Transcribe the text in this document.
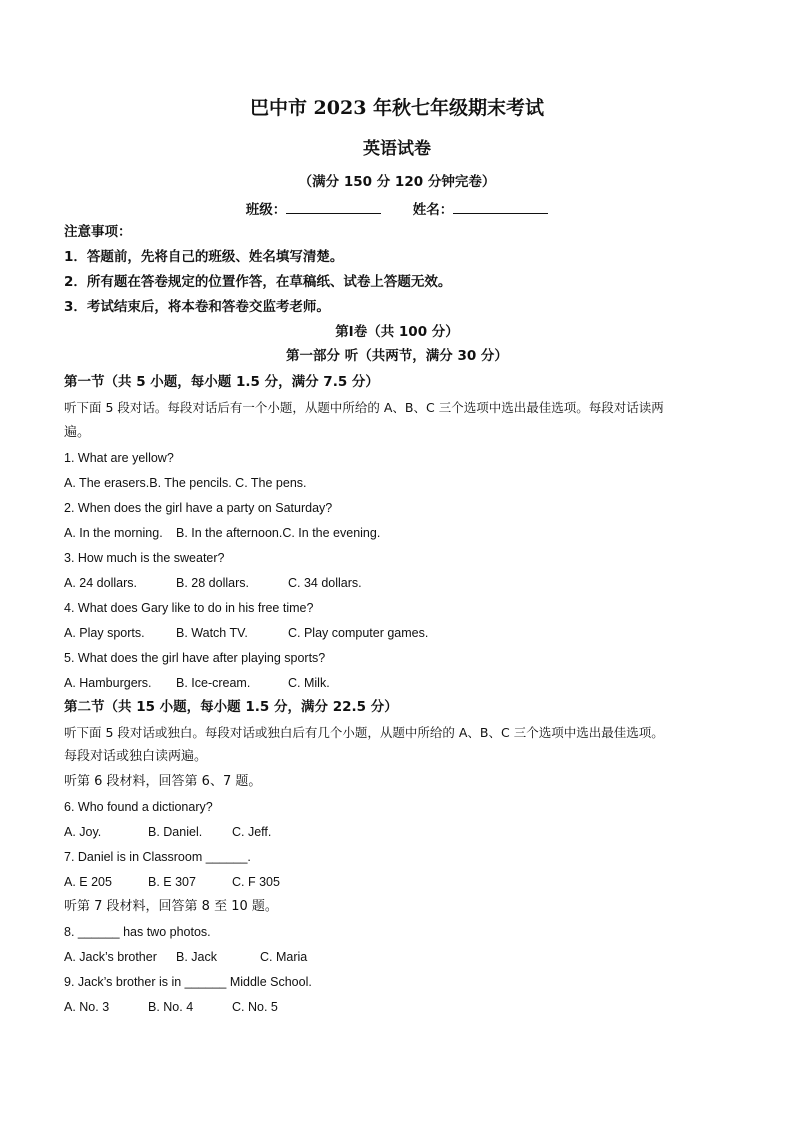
巴中市 2023 年秋七年级期末考试
英语试卷
（满分 150 分 120 分钟完卷）
班级：	姓名：
注意事项：
1．答题前，先将自己的班级、姓名填写清楚。
2．所有题在答卷规定的位置作答，在草稿纸、试卷上答题无效。
3．考试结束后，将本卷和答卷交监考老师。
第Ⅰ卷（共 100 分）
第一部分 听（共两节，满分 30 分）
第一节（共 5 小题，每小题 1.5 分，满分 7.5 分）
听下面 5 段对话。每段对话后有一个小题，从题中所给的 A、B、C 三个选项中选出最佳选项。每段对话读两
遍。
1. What are yellow?
A. The erasers.B. The pencils. C. The pens.
2. When does the girl have a party on Saturday?
A. In the morning. B. In the afternoon.C. In the evening.
3. How much is the sweater?
A. 24 dollars.	B. 28 dollars.	C. 34 dollars.
4. What does Gary like to do in his free time?
A. Play sports.	B. Watch TV.	C. Play computer games.
5. What does the girl have after playing sports?
A. Hamburgers. B. Ice-cream.	C. Milk.
第二节（共 15 小题，每小题 1.5 分，满分 22.5 分）
听下面 5 段对话或独白。每段对话或独白后有几个小题，从题中所给的 A、B、C 三个选项中选出最佳选项。
每段对话或独白读两遍。
听第 6 段材料，回答第 6、7 题。
6. Who found a dictionary?
A. Joy.	B. Daniel. C. Jeff.
7. Daniel is in Classroom ______.
A. E 205	B. E 307	C. F 305
听第 7 段材料，回答第 8 至 10 题。
8. ______ has two photos.
A. Jack’s brother B. Jack	C. Maria
9. Jack’s brother is in ______ Middle School.
A. No. 3	B. No. 4	C. No. 5
